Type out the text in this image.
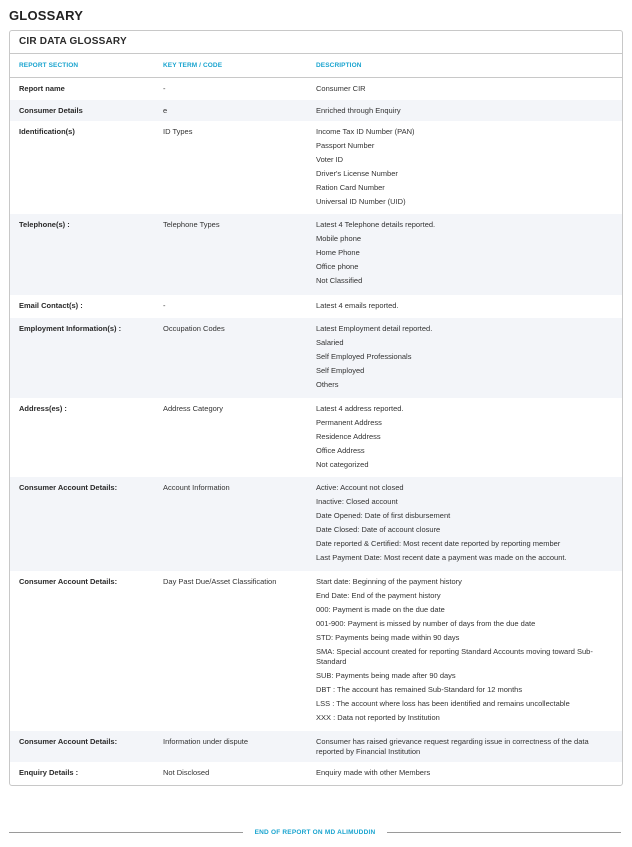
GLOSSARY
CIR DATA GLOSSARY
REPORT SECTION	KEY TERM / CODE	DESCRIPTION
Report name	-	Consumer CIR
Consumer Details	e	Enriched through Enquiry
Identification(s)	ID Types	Income Tax ID Number (PAN)
Passport Number
Voter ID
Driver's License Number
Ration Card Number
Universal ID Number (UID)
Telephone(s) :	Telephone Types	Latest 4 Telephone details reported.
Mobile phone
Home Phone
Office phone
Not Classified
Email Contact(s) :	-	Latest 4 emails reported.
Employment Information(s) :	Occupation Codes	Latest Employment detail reported.
Salaried
Self Employed Professionals
Self Employed
Others
Address(es) :	Address Category	Latest 4 address reported.
Permanent Address
Residence Address
Office Address
Not categorized
Consumer Account Details:	Account Information	Active: Account not closed
Inactive: Closed account
Date Opened: Date of first disbursement
Date Closed: Date of account closure
Date reported & Certified: Most recent date reported by reporting member
Last Payment Date: Most recent date a payment was made on the account.
Consumer Account Details:	Day Past Due/Asset Classification	Start date: Beginning of the payment history
End Date: End of the payment history
000: Payment is made on the due date
001-900: Payment is missed by number of days from the due date
STD: Payments being made within 90 days
SMA: Special account created for reporting Standard Accounts moving toward Sub-Standard
SUB: Payments being made after 90 days
DBT : The account has remained Sub-Standard for 12 months
LSS : The account where loss has been identified and remains uncollectable
XXX : Data not reported by Institution
Consumer Account Details:	Information under dispute	Consumer has raised grievance request regarding issue in correctness of the data reported by Financial Institution
Enquiry Details :	Not Disclosed	Enquiry made with other Members
END OF REPORT ON MD ALIMUDDIN
